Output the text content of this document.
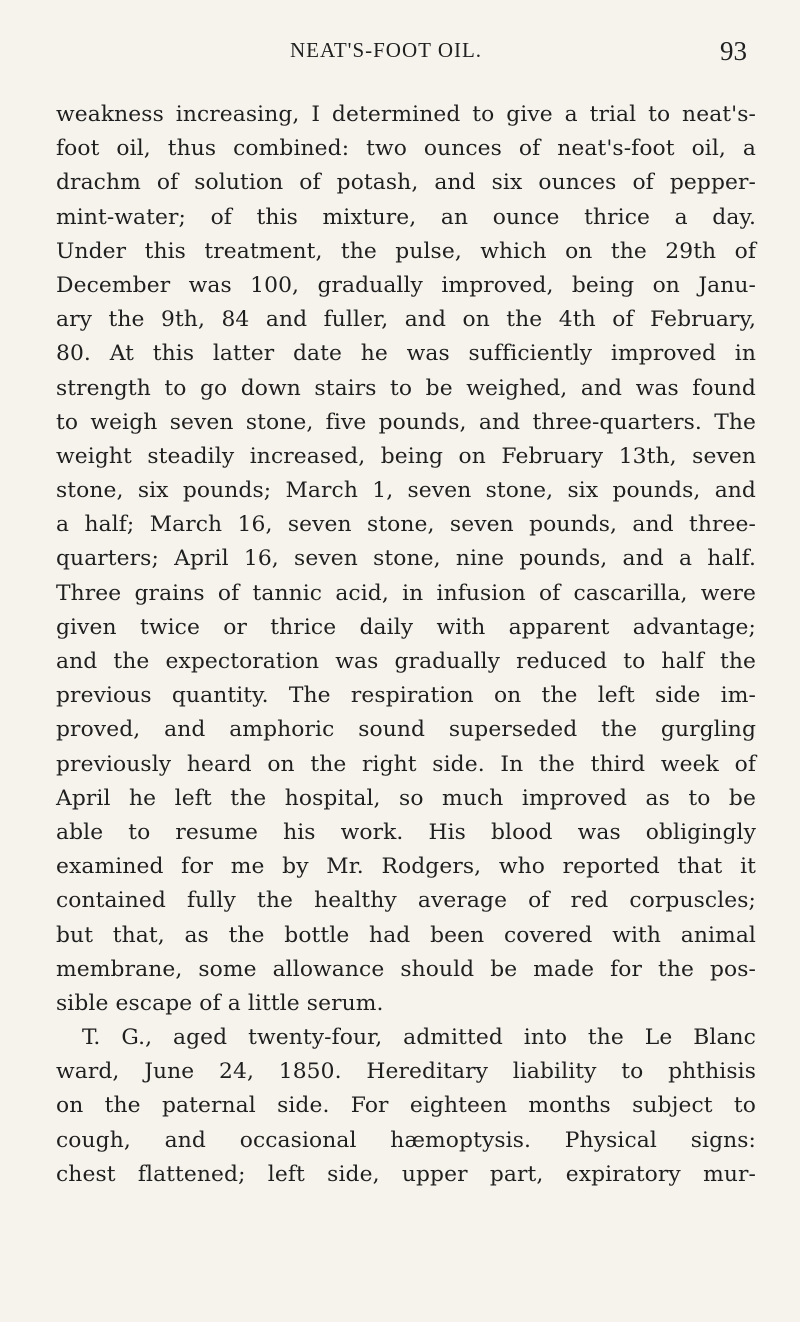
NEAT'S-FOOT OIL.	93
weakness increasing, I determined to give a trial to neat's-
foot oil, thus combined: two ounces of neat's-foot oil, a
drachm of solution of potash, and six ounces of pepper-
mint-water; of this mixture, an ounce thrice a day.
Under this treatment, the pulse, which on the 29th of
December was 100, gradually improved, being on Janu-
ary the 9th, 84 and fuller, and on the 4th of February,
80. At this latter date he was sufficiently improved in
strength to go down stairs to be weighed, and was found
to weigh seven stone, five pounds, and three-quarters. The
weight steadily increased, being on February 13th, seven
stone, six pounds; March 1, seven stone, six pounds, and
a half; March 16, seven stone, seven pounds, and three-
quarters; April 16, seven stone, nine pounds, and a half.
Three grains of tannic acid, in infusion of cascarilla, were
given twice or thrice daily with apparent advantage;
and the expectoration was gradually reduced to half the
previous quantity. The respiration on the left side im-
proved, and amphoric sound superseded the gurgling
previously heard on the right side. In the third week of
April he left the hospital, so much improved as to be
able to resume his work. His blood was obligingly
examined for me by Mr. Rodgers, who reported that it
contained fully the healthy average of red corpuscles;
but that, as the bottle had been covered with animal
membrane, some allowance should be made for the pos-
sible escape of a little serum.
T. G., aged twenty-four, admitted into the Le Blanc
ward, June 24, 1850. Hereditary liability to phthisis
on the paternal side. For eighteen months subject to
cough, and occasional hæmoptysis. Physical signs:
chest flattened; left side, upper part, expiratory mur-
